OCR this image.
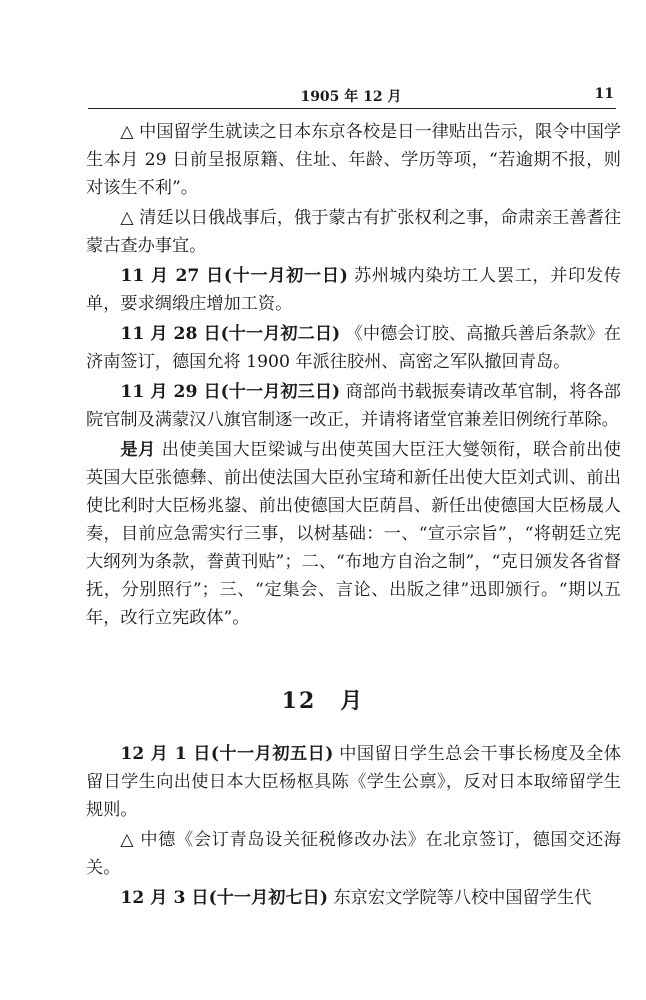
1905 年 12 月	11

△ 中国留学生就读之日本东京各校是日一律贴出告示，限令中国学生本月 29 日前呈报原籍、住址、年龄、学历等项，“若逾期不报，则对该生不利”。

△ 清廷以日俄战事后，俄于蒙古有扩张权利之事，命肃亲王善耆往蒙古查办事宜。

11 月 27 日(十一月初一日) 苏州城内染坊工人罢工，并印发传单，要求绸缎庄增加工资。

11 月 28 日(十一月初二日) 《中德会订胶、高撤兵善后条款》在济南签订，德国允将 1900 年派往胶州、高密之军队撤回青岛。

11 月 29 日(十一月初三日) 商部尚书载振奏请改革官制，将各部院官制及满蒙汉八旗官制逐一改正，并请将诸堂官兼差旧例统行革除。

是月 出使美国大臣梁诚与出使英国大臣汪大燮领衔，联合前出使英国大臣张德彝、前出使法国大臣孙宝琦和新任出使大臣刘式训、前出使比利时大臣杨兆鋆、前出使德国大臣荫昌、新任出使德国大臣杨晟人奏，目前应急需实行三事，以树基础：一、“宣示宗旨”，“将朝廷立宪大纲列为条款，誊黄刊贴”；二、“布地方自治之制”，“克日颁发各省督抚，分别照行”；三、“定集会、言论、出版之律”迅即颁行。“期以五年，改行立宪政体”。

12 月

12 月 1 日(十一月初五日) 中国留日学生总会干事长杨度及全体留日学生向出使日本大臣杨枢具陈《学生公禀》，反对日本取缔留学生规则。

△ 中德《会订青岛设关征税修改办法》在北京签订，德国交还海关。

12 月 3 日(十一月初七日) 东京宏文学院等八校中国留学生代
